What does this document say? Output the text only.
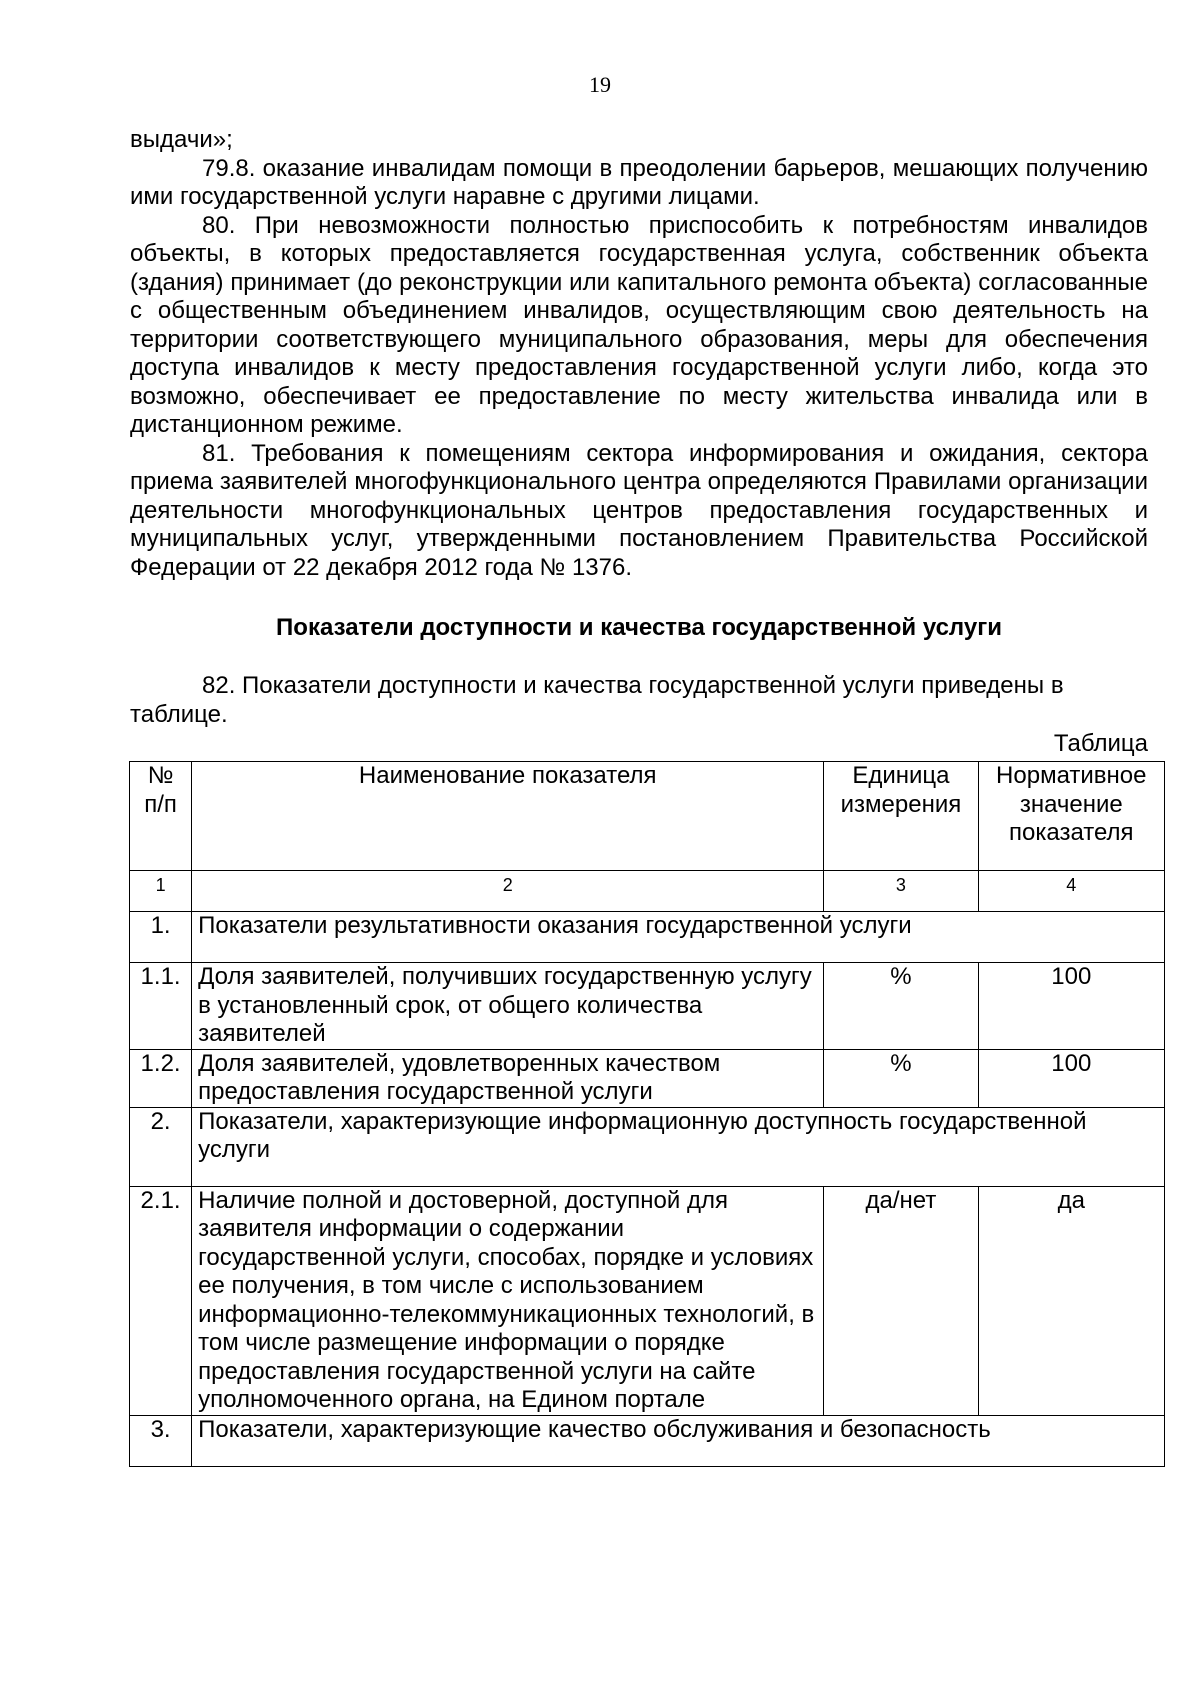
19

выдачи»;

79.8. оказание инвалидам помощи в преодолении барьеров, мешающих получению ими государственной услуги наравне с другими лицами.

80. При невозможности полностью приспособить к потребностям инвалидов объекты, в которых предоставляется государственная услуга, собственник объекта (здания) принимает (до реконструкции или капитального ремонта объекта) согласованные с общественным объединением инвалидов, осуществляющим свою деятельность на территории соответствующего муниципального образования, меры для обеспечения доступа инвалидов к месту предоставления государственной услуги либо, когда это возможно, обеспечивает ее предоставление по месту жительства инвалида или в дистанционном режиме.

81. Требования к помещениям сектора информирования и ожидания, сектора приема заявителей многофункционального центра определяются Правилами организации деятельности многофункциональных центров предоставления государственных и муниципальных услуг, утвержденными постановлением Правительства Российской Федерации от 22 декабря 2012 года № 1376.

Показатели доступности и качества государственной услуги

82. Показатели доступности и качества государственной услуги приведены в таблице.

Таблица
№ п/п	Наименование показателя	Единица измерения	Нормативное значение показателя
1	2	3	4
1.	Показатели результативности оказания государственной услуги		
1.1.	Доля заявителей, получивших государственную услугу в установленный срок, от общего количества заявителей	%	100
1.2.	Доля заявителей, удовлетворенных качеством предоставления государственной услуги	%	100
2.	Показатели, характеризующие информационную доступность государственной услуги		
2.1.	Наличие полной и достоверной, доступной для заявителя информации о содержании государственной услуги, способах, порядке и условиях ее получения, в том числе с использованием информационно-телекоммуникационных технологий, в том числе размещение информации о порядке предоставления государственной услуги на сайте уполномоченного органа, на Едином портале	да/нет	да
3.	Показатели, характеризующие качество обслуживания и безопасность		
